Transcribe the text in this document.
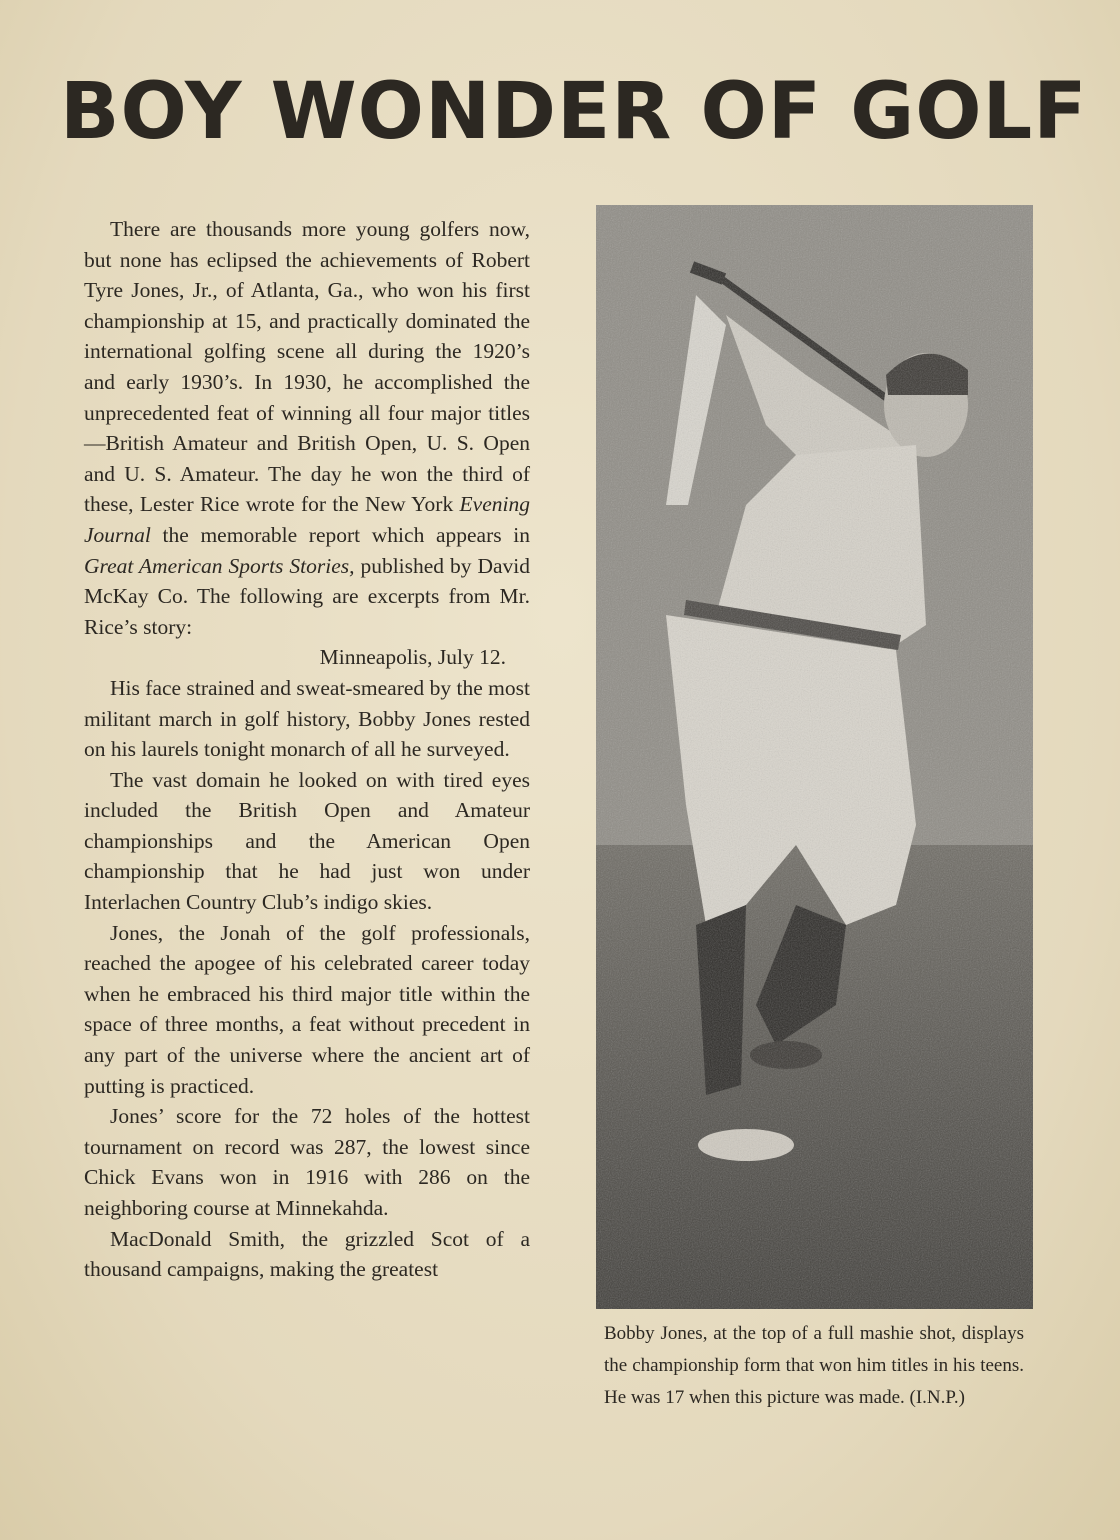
BOY WONDER OF GOLF

There are thousands more young golfers now, but none has eclipsed the achievements of Robert Tyre Jones, Jr., of Atlanta, Ga., who won his first championship at 15, and practically dominated the international golfing scene all during the 1920’s and early 1930’s. In 1930, he accomplished the unprecedented feat of winning all four major titles—British Amateur and British Open, U. S. Open and U. S. Amateur. The day he won the third of these, Lester Rice wrote for the New York Evening Journal the memorable report which appears in Great American Sports Stories, published by David McKay Co. The following are excerpts from Mr. Rice’s story:

Minneapolis, July 12.

His face strained and sweat-smeared by the most militant march in golf history, Bobby Jones rested on his laurels tonight monarch of all he surveyed.

The vast domain he looked on with tired eyes included the British Open and Amateur championships and the American Open championship that he had just won under Interlachen Country Club’s indigo skies.

Jones, the Jonah of the golf professionals, reached the apogee of his celebrated career today when he embraced his third major title within the space of three months, a feat without precedent in any part of the universe where the ancient art of putting is practiced.

Jones’ score for the 72 holes of the hottest tournament on record was 287, the lowest since Chick Evans won in 1916 with 286 on the neighboring course at Minnekahda.

MacDonald Smith, the grizzled Scot of a thousand campaigns, making the greatest

Bobby Jones, at the top of a full mashie shot, displays the championship form that won him titles in his teens. He was 17 when this picture was made. (I.N.P.)
